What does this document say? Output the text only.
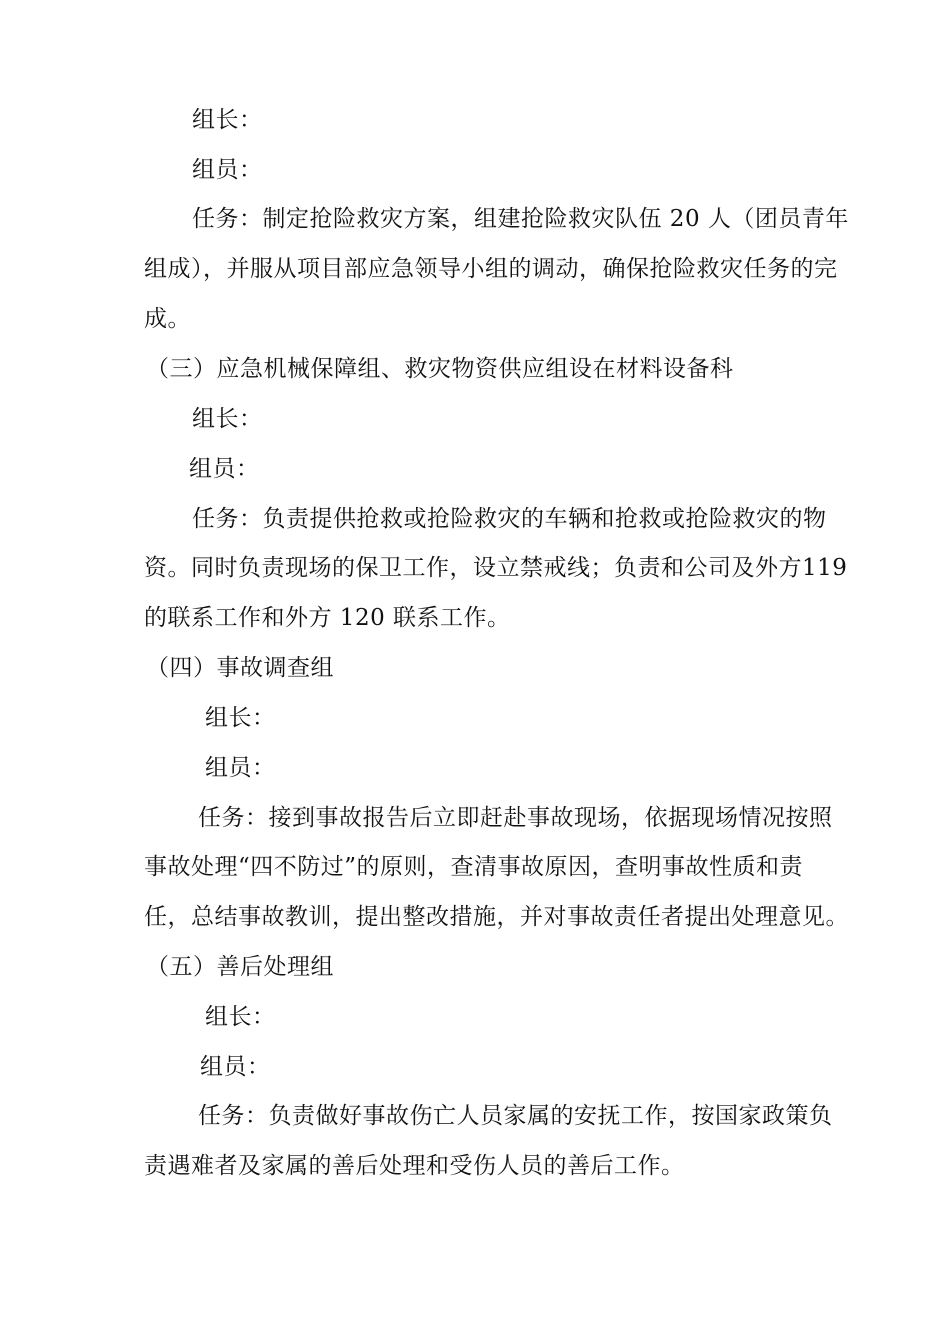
组长：
组员：
任务：制定抢险救灾方案，组建抢险救灾队伍 20 人（团员青年
组成），并服从项目部应急领导小组的调动，确保抢险救灾任务的完
成。
（三）应急机械保障组、救灾物资供应组设在材料设备科
组长：
组员：
任务：负责提供抢救或抢险救灾的车辆和抢救或抢险救灾的物
资。同时负责现场的保卫工作，设立禁戒线；负责和公司及外方119
的联系工作和外方 120 联系工作。
（四）事故调查组
组长：
组员：
任务：接到事故报告后立即赶赴事故现场，依据现场情况按照
事故处理“四不防过”的原则，查清事故原因，查明事故性质和责
任，总结事故教训，提出整改措施，并对事故责任者提出处理意见。
（五）善后处理组
组长：
组员：
任务：负责做好事故伤亡人员家属的安抚工作，按国家政策负
责遇难者及家属的善后处理和受伤人员的善后工作。
